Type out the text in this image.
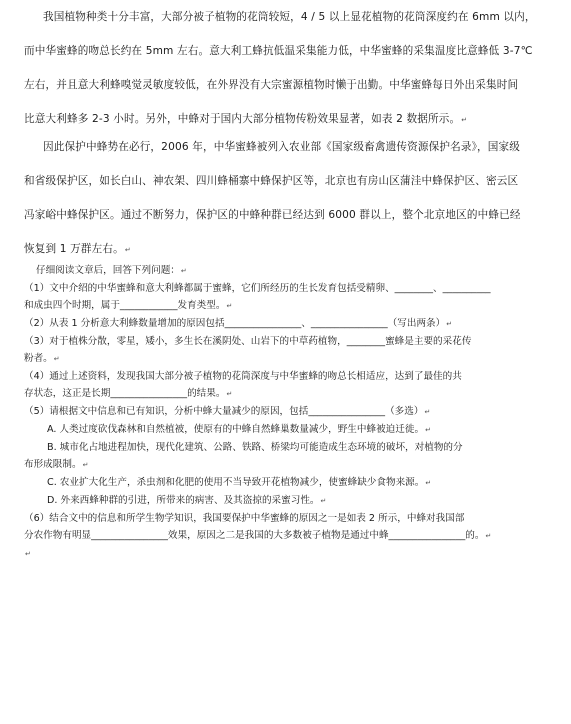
我国植物种类十分丰富，大部分被子植物的花筒较短，4 / 5 以上显花植物的花筒深度约在 6mm 以内，
而中华蜜蜂的吻总长约在 5mm 左右。意大利工蜂抗低温采集能力低，中华蜜蜂的采集温度比意蜂低 3-7℃
左右，并且意大利蜂嗅觉灵敏度较低，在外界没有大宗蜜源植物时懒于出勤。中华蜜蜂每日外出采集时间
比意大利蜂多 2-3 小时。另外，中蜂对于国内大部分植物传粉效果显著，如表 2 数据所示。↵
因此保护中蜂势在必行，2006 年，中华蜜蜂被列入农业部《国家级畜禽遗传资源保护名录》，国家级
和省级保护区，如长白山、神农架、四川蜂桶寨中蜂保护区等，北京也有房山区蒲洼中蜂保护区、密云区
冯家峪中蜂保护区。通过不断努力，保护区的中蜂种群已经达到 6000 群以上，整个北京地区的中蜂已经
恢复到 1 万群左右。↵
仔细阅读文章后，回答下列问题：↵
（1）文中介绍的中华蜜蜂和意大利蜂都属于蜜蜂，它们所经历的生长发育包括受精卵、________、__________
和成虫四个时期，属于____________发育类型。↵
（2）从表 1 分析意大利蜂数量增加的原因包括________________、________________（写出两条）↵
（3）对于植株分散，零星，矮小，多生长在溪阴处、山岩下的中草药植物，________蜜蜂是主要的采花传
粉者。↵
（4）通过上述资料，发现我国大部分被子植物的花筒深度与中华蜜蜂的吻总长相适应，达到了最佳的共
存状态，这正是长期________________的结果。↵
（5）请根据文中信息和已有知识，分析中蜂大量减少的原因，包括________________（多选）↵
A. 人类过度砍伐森林和自然植被，使原有的中蜂自然蜂巢数量减少，野生中蜂被迫迁徙。↵
B. 城市化占地进程加快，现代化建筑、公路、铁路、桥梁均可能造成生态环境的破坏，对植物的分
布形成限制。↵
C. 农业扩大化生产，杀虫剂和化肥的使用不当导致开花植物减少，使蜜蜂缺少食物来源。↵
D. 外来西蜂种群的引进，所带来的病害、及其盗掠的采蜜习性。↵
（6）结合文中的信息和所学生物学知识，我国要保护中华蜜蜂的原因之一是如表 2 所示，中蜂对我国部
分农作物有明显________________效果，原因之二是我国的大多数被子植物是通过中蜂________________的。↵
↵
